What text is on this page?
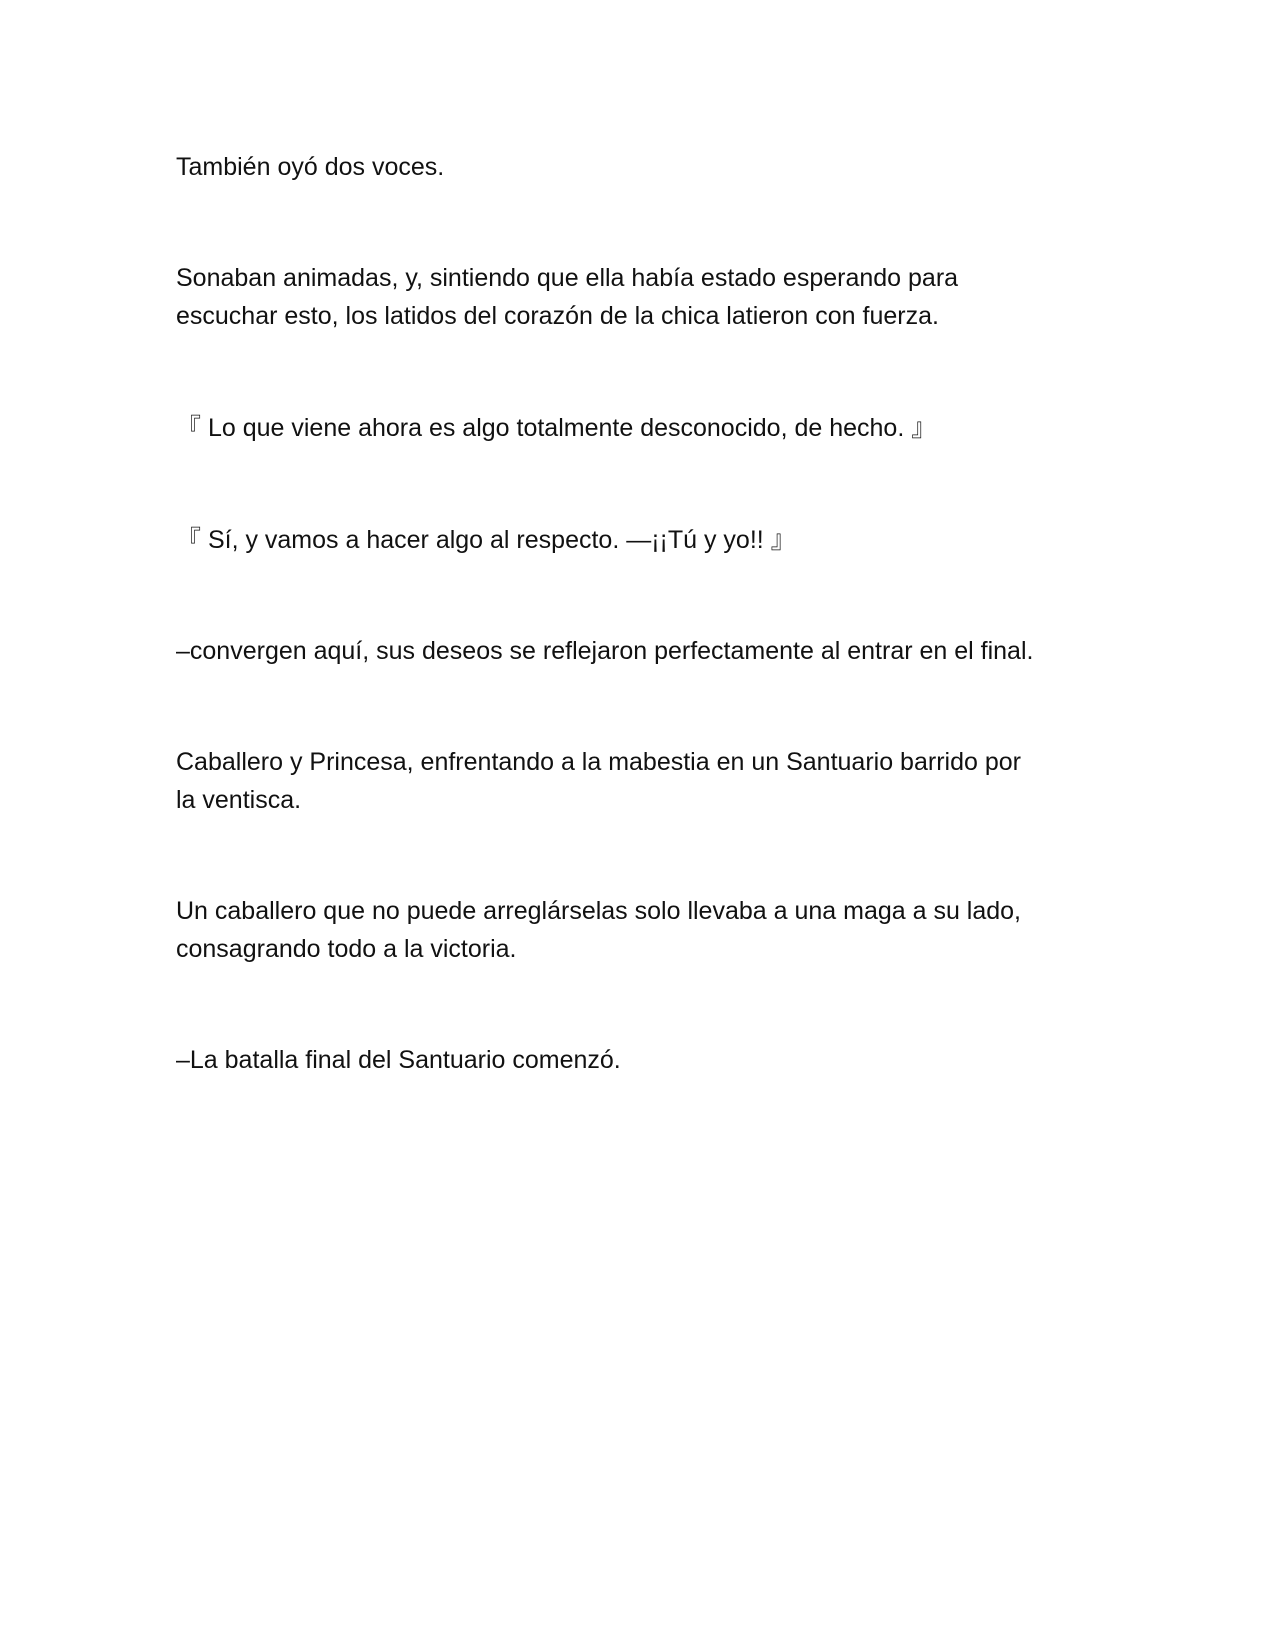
También oyó dos voces.

Sonaban animadas, y, sintiendo que ella había estado esperando para
escuchar esto, los latidos del corazón de la chica latieron con fuerza.

『 Lo que viene ahora es algo totalmente desconocido, de hecho. 』

『 Sí, y vamos a hacer algo al respecto. —¡¡Tú y yo!! 』

–convergen aquí, sus deseos se reflejaron perfectamente al entrar en el final.

Caballero y Princesa, enfrentando a la mabestia en un Santuario barrido por
la ventisca.

Un caballero que no puede arreglárselas solo llevaba a una maga a su lado,
consagrando todo a la victoria.

–La batalla final del Santuario comenzó.
